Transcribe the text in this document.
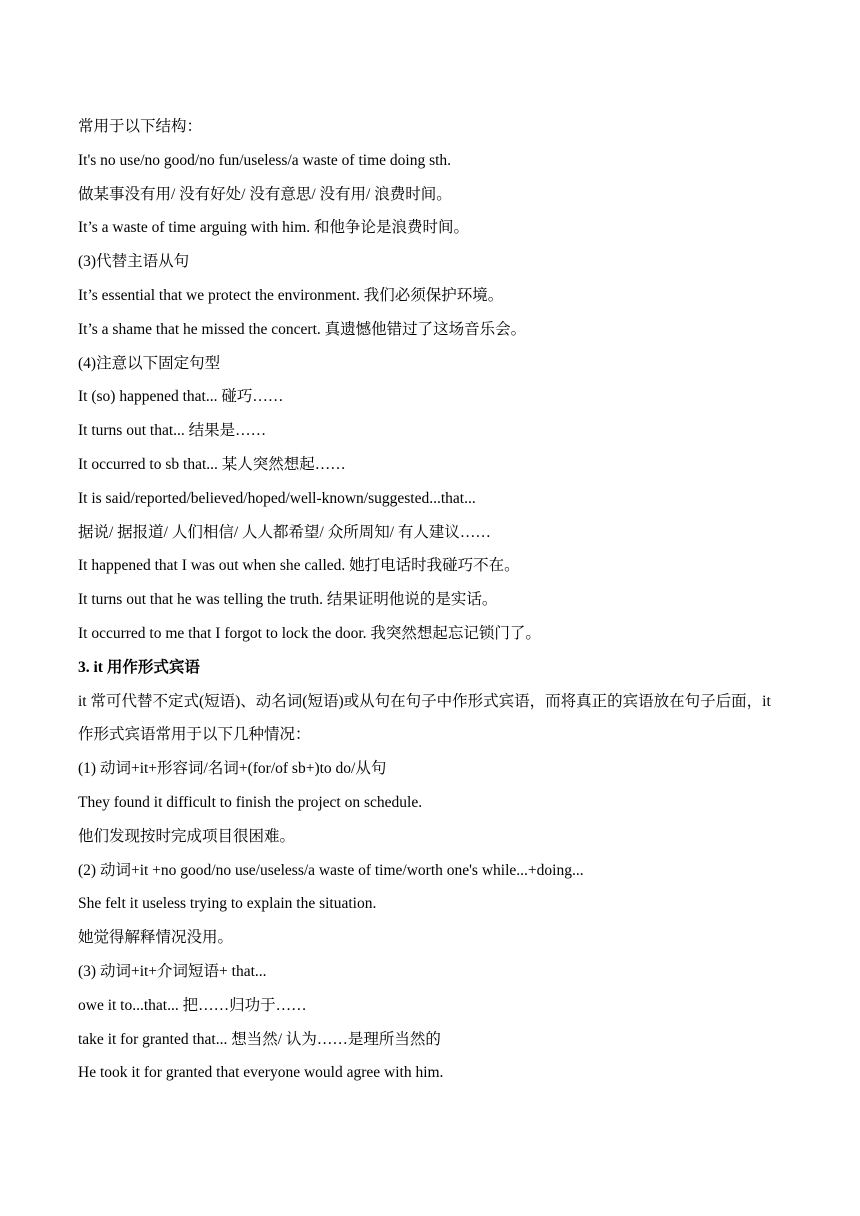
常用于以下结构：
It's no use/no good/no fun/useless/a waste of time doing sth.
做某事没有用/ 没有好处/ 没有意思/ 没有用/ 浪费时间。
It’s a waste of time arguing with him. 和他争论是浪费时间。
(3)代替主语从句
It’s essential that we protect the environment. 我们必须保护环境。
It’s a shame that he missed the concert. 真遗憾他错过了这场音乐会。
(4)注意以下固定句型
It (so) happened that... 碰巧……
It turns out that... 结果是……
It occurred to sb that... 某人突然想起……
It is said/reported/believed/hoped/well-known/suggested...that...
据说/ 据报道/ 人们相信/ 人人都希望/ 众所周知/ 有人建议……
It happened that I was out when she called. 她打电话时我碰巧不在。
It turns out that he was telling the truth. 结果证明他说的是实话。
It occurred to me that I forgot to lock the door. 我突然想起忘记锁门了。
3. it 用作形式宾语
it 常可代替不定式(短语)、动名词(短语)或从句在句子中作形式宾语，而将真正的宾语放在句子后面，it 作形式宾语常用于以下几种情况：
(1) 动词+it+形容词/名词+(for/of sb+)to do/从句
They found it difficult to finish the project on schedule.
他们发现按时完成项目很困难。
(2) 动词+it +no good/no use/useless/a waste of time/worth one's while...+doing...
She felt it useless trying to explain the situation.
她觉得解释情况没用。
(3) 动词+it+介词短语+ that...
owe it to...that... 把……归功于……
take it for granted that... 想当然/ 认为……是理所当然的
He took it for granted that everyone would agree with him.
